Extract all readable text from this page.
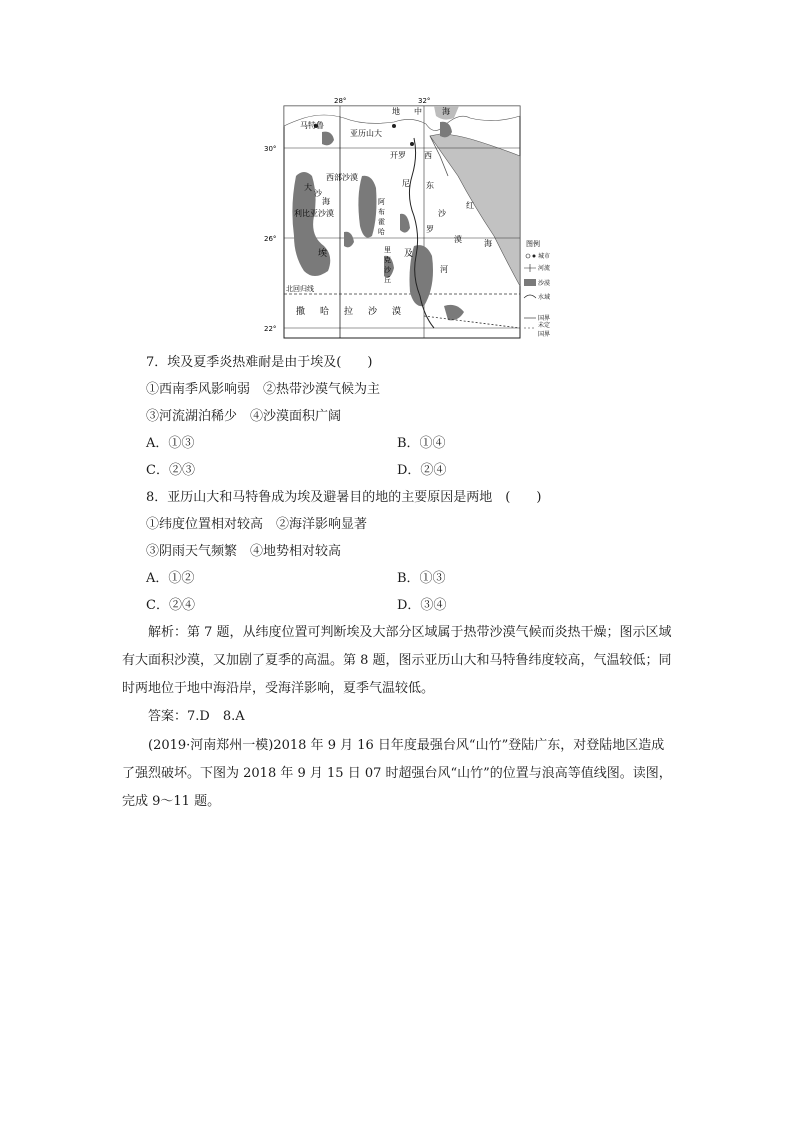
28°	32°
30°
26°
22°
地 中	海
马特鲁
亚历山大
开罗
西部沙漠
大
沙
海
利比亚沙漠
埃	及
西
尼 东
沙
罗
漠
河
红
海
阿
布
霍
哈
里
克
沙
丘
北回归线
撒 哈 拉 沙 漠
图例
城市
河流
沙漠
水域
国界
未定
国界
7．埃及夏季炎热难耐是由于埃及(　　)
①西南季风影响弱　②热带沙漠气候为主
③河流湖泊稀少　④沙漠面积广阔
A．①③	B．①④
C．②③	D．②④
8．亚历山大和马特鲁成为埃及避暑目的地的主要原因是两地　(　　)
①纬度位置相对较高　②海洋影响显著
③阴雨天气频繁　④地势相对较高
A．①②	B．①③
C．②④	D．③④

　　解析：第 7 题，从纬度位置可判断埃及大部分区域属于热带沙漠气候而炎热干燥；图示区域有大面积沙漠，又加剧了夏季的高温。第 8 题，图示亚历山大和马特鲁纬度较高，气温较低；同时两地位于地中海沿岸，受海洋影响，夏季气温较低。

　　答案：7.D　8.A

　　(2019·河南郑州一模)2018 年 9 月 16 日年度最强台风“山竹”登陆广东，对登陆地区造成了强烈破坏。下图为 2018 年 9 月 15 日 07 时超强台风“山竹”的位置与浪高等值线图。读图，完成 9～11 题。
